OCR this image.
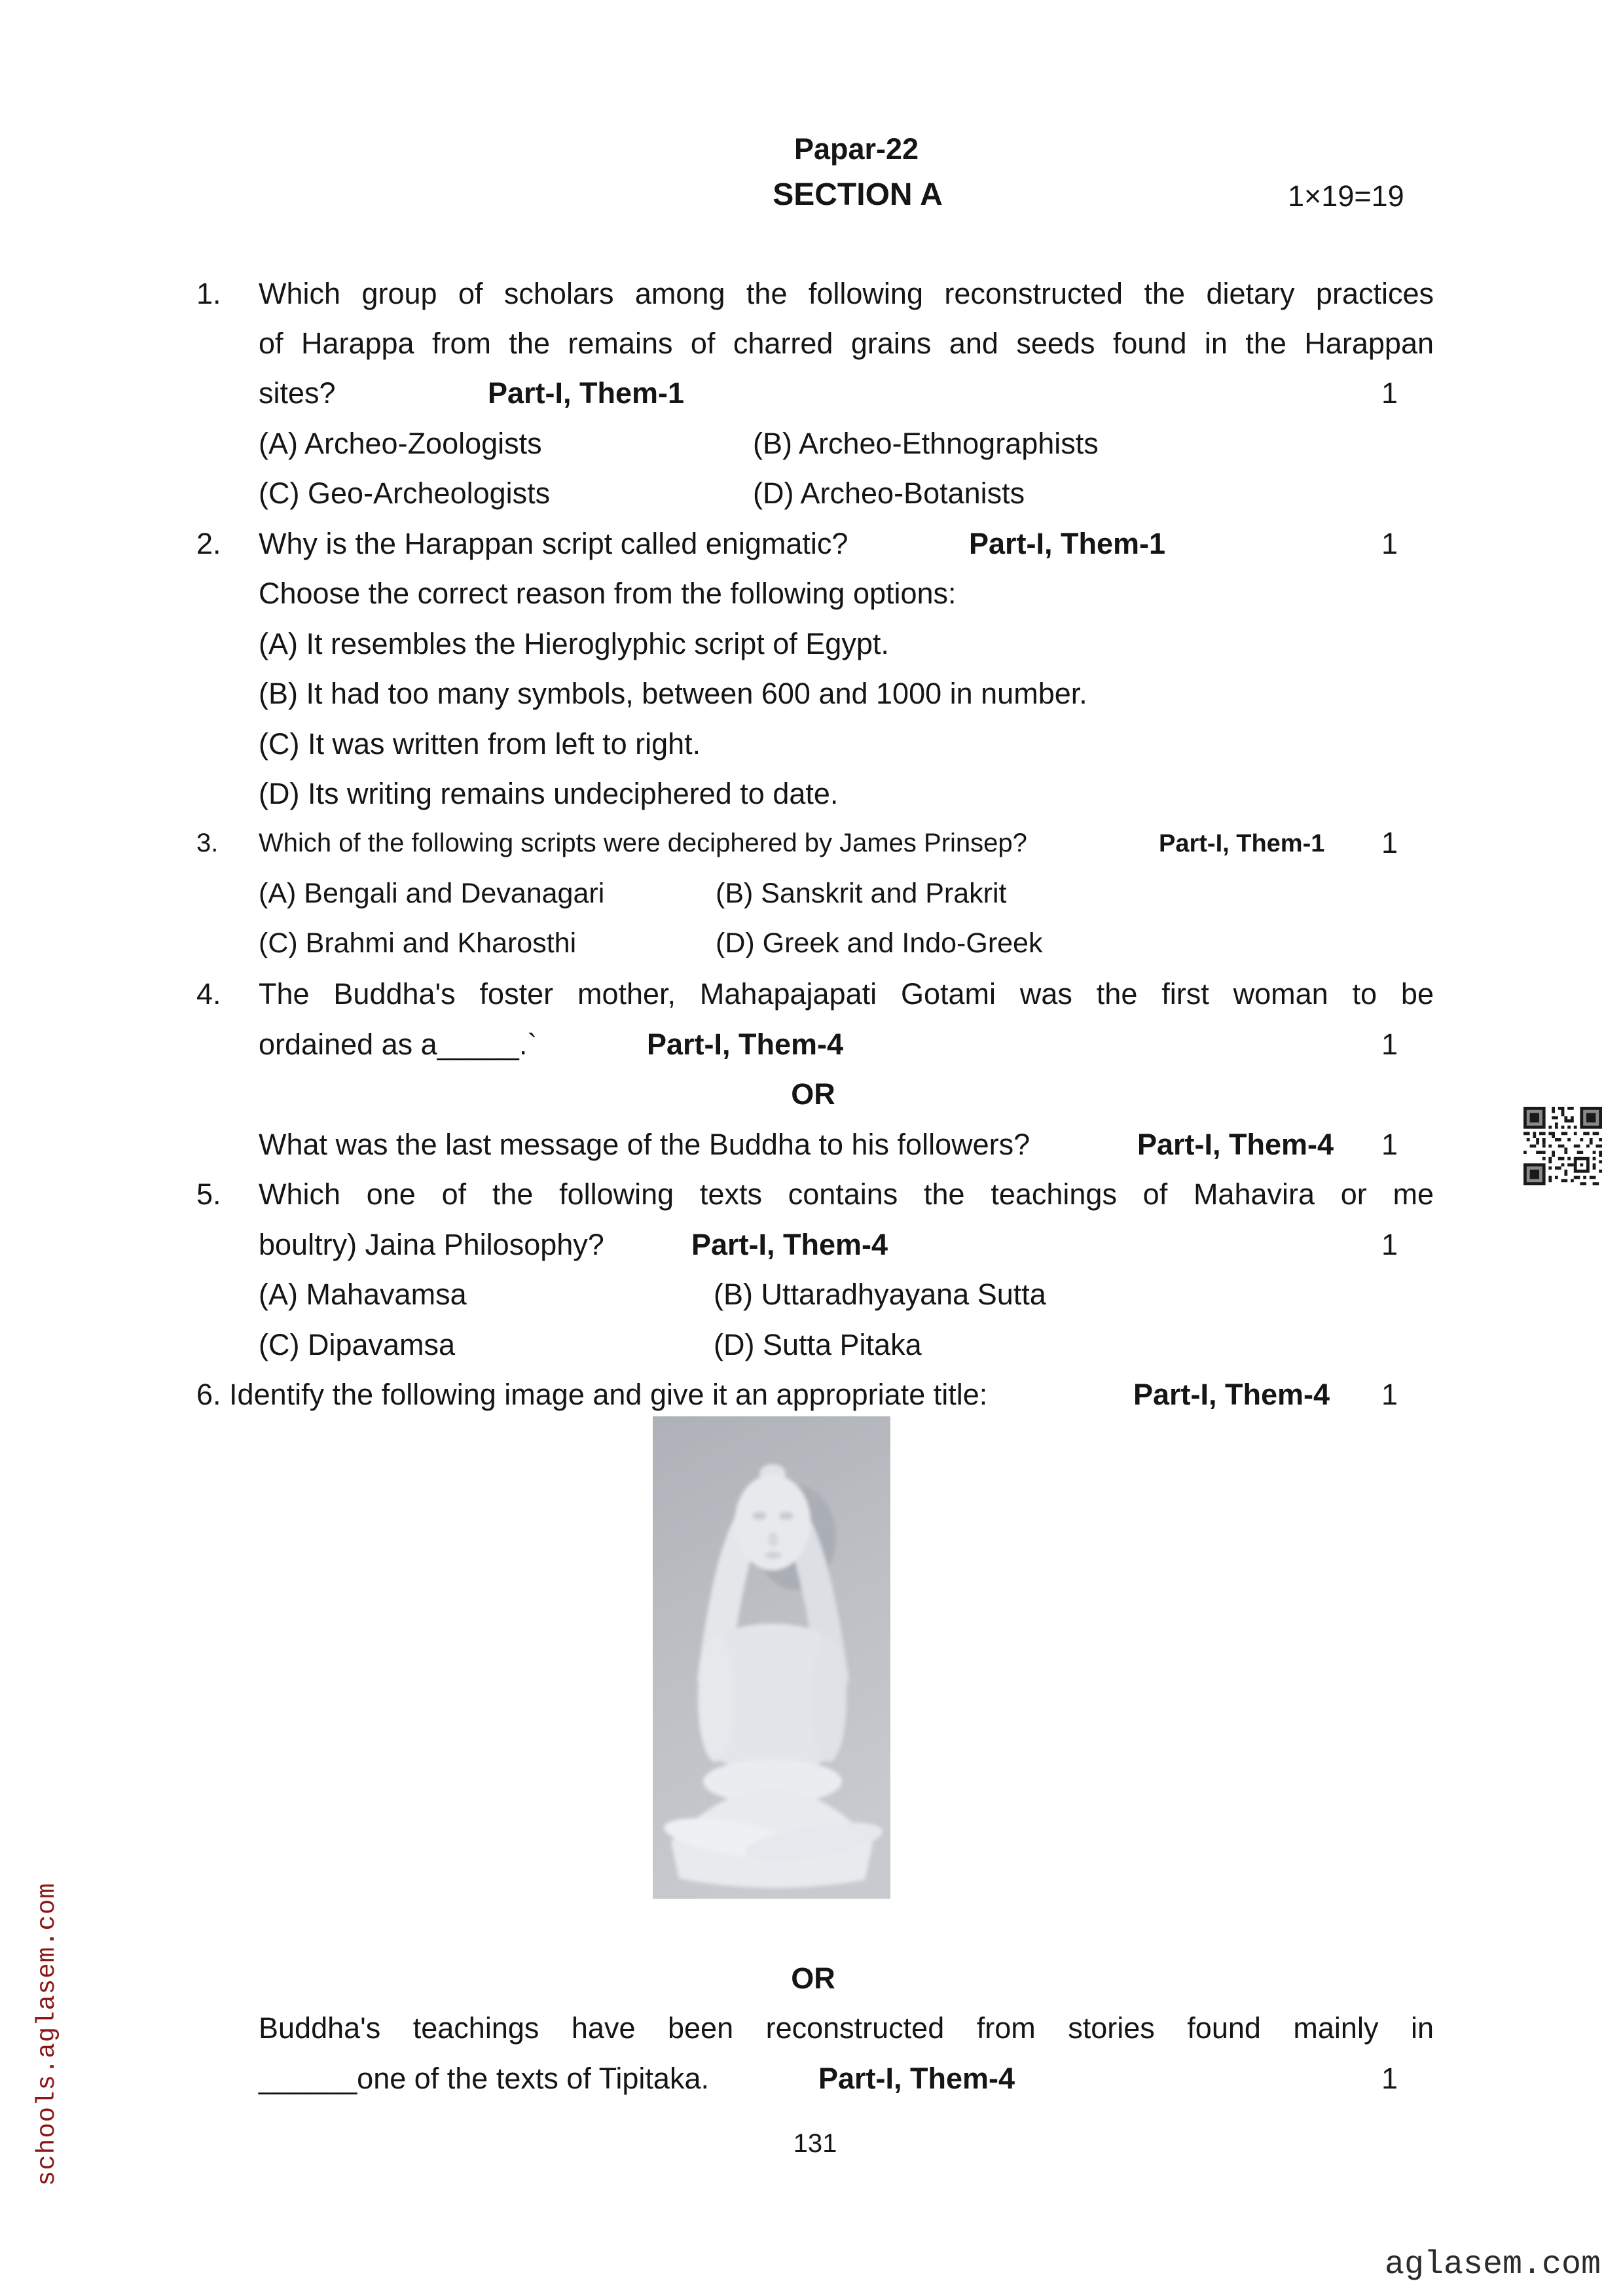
Papar-22
SECTION A	1×19=19
1. Which group of scholars among the following reconstructed the dietary practices
of Harappa from the remains of charred grains and seeds found in the Harappan
sites?	Part-I, Them-1	1
(A) Archeo-Zoologists	(B) Archeo-Ethnographists
(C) Geo-Archeologists	(D) Archeo-Botanists
2. Why is the Harappan script called enigmatic?	Part-I, Them-1	1
Choose the correct reason from the following options:
(A) It resembles the Hieroglyphic script of Egypt.
(B) It had too many symbols, between 600 and 1000 in number.
(C) It was written from left to right.
(D) Its writing remains undeciphered to date.
3. Which of the following scripts were deciphered by James Prinsep?	Part-I, Them-1	1
(A) Bengali and Devanagari	(B) Sanskrit and Prakrit
(C) Brahmi and Kharosthi	(D) Greek and Indo-Greek
4. The Buddha's foster mother, Mahapajapati Gotami was the first woman to be
ordained as a_____.`	Part-I, Them-4	1
OR
What was the last message of the Buddha to his followers?	Part-I, Them-4	1
5. Which one of the following texts contains the teachings of Mahavira or me
boultry) Jaina Philosophy?	Part-I, Them-4	1
(A) Mahavamsa	(B) Uttaradhyayana Sutta
(C) Dipavamsa	(D) Sutta Pitaka
6. Identify the following image and give it an appropriate title:	Part-I, Them-4	1
OR
Buddha's teachings have been reconstructed from stories found mainly in
______one of the texts of Tipitaka.	Part-I, Them-4	1
131
schools.aglasem.com
aglasem.com
